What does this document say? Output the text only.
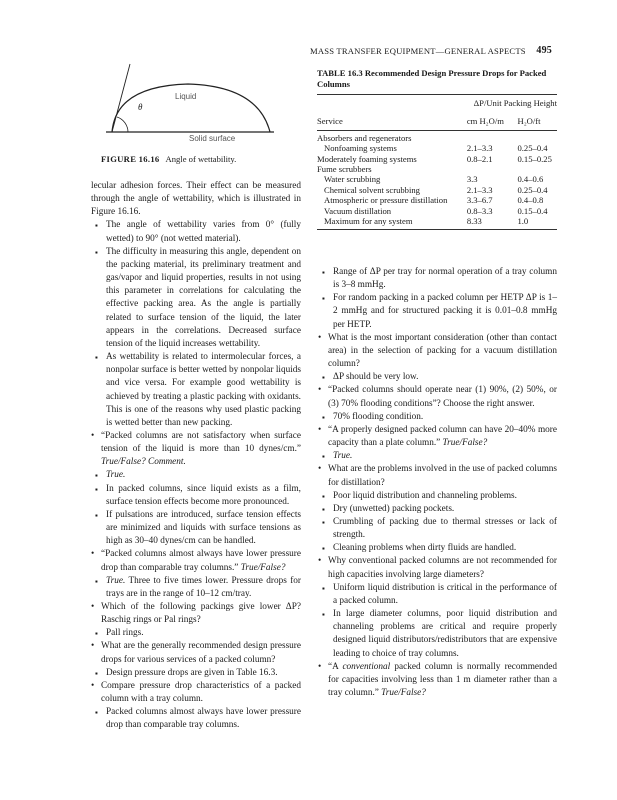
MASS TRANSFER EQUIPMENT—GENERAL ASPECTS 495
Liquid
θ
Solid surface
FIGURE 16.16 Angle of wettability.
TABLE 16.3 Recommended Design Pressure Drops for Packed Columns
	ΔP/Unit Packing Height	
Service	cm H₂O/m	H₂O/ft
Absorbers and regenerators		
Nonfoaming systems	2.1–3.3	0.25–0.4
Moderately foaming systems	0.8–2.1	0.15–0.25
Fume scrubbers		
Water scrubbing	3.3	0.4–0.6
Chemical solvent scrubbing	2.1–3.3	0.25–0.4
Atmospheric or pressure distillation	3.3–6.7	0.4–0.8
Vacuum distillation	0.8–3.3	0.15–0.4
Maximum for any system	8.33	1.0

lecular adhesion forces. Their effect can be measured through the angle of wettability, which is illustrated in Figure 16.16.

▪ The angle of wettability varies from 0° (fully wetted) to 90° (not wetted material).

▪ The difficulty in measuring this angle, dependent on the packing material, its preliminary treatment and gas/vapor and liquid properties, results in not using this parameter in correlations for calculating the effective packing area. As the angle is partially related to surface tension of the liquid, the later appears in the correlations. Decreased surface tension of the liquid increases wettability.

▪ As wettability is related to intermolecular forces, a nonpolar surface is better wetted by nonpolar liquids and vice versa. For example good wettability is achieved by treating a plastic packing with oxidants. This is one of the reasons why used plastic packing is wetted better than new packing.

• “Packed columns are not satisfactory when surface tension of the liquid is more than 10 dynes/cm.” True/False? Comment.

▪ True.

▪ In packed columns, since liquid exists as a film, surface tension effects become more pronounced.

▪ If pulsations are introduced, surface tension effects are minimized and liquids with surface tensions as high as 30–40 dynes/cm can be handled.

• “Packed columns almost always have lower pressure drop than comparable tray columns.” True/False?

▪ True. Three to five times lower. Pressure drops for trays are in the range of 10–12 cm/tray.

• Which of the following packings give lower ΔP? Raschig rings or Pal rings?

▪ Pall rings.

• What are the generally recommended design pressure drops for various services of a packed column?

▪ Design pressure drops are given in Table 16.3.

• Compare pressure drop characteristics of a packed column with a tray column.

▪ Packed columns almost always have lower pressure drop than comparable tray columns.

▪ Range of ΔP per tray for normal operation of a tray column is 3–8 mmHg.

▪ For random packing in a packed column per HETP ΔP is 1–2 mmHg and for structured packing it is 0.01–0.8 mmHg per HETP.

• What is the most important consideration (other than contact area) in the selection of packing for a vacuum distillation column?

▪ ΔP should be very low.

• “Packed columns should operate near (1) 90%, (2) 50%, or (3) 70% flooding conditions”? Choose the right answer.

▪ 70% flooding condition.

• “A properly designed packed column can have 20–40% more capacity than a plate column.” True/False?

▪ True.

• What are the problems involved in the use of packed columns for distillation?

▪ Poor liquid distribution and channeling problems.

▪ Dry (unwetted) packing pockets.

▪ Crumbling of packing due to thermal stresses or lack of strength.

▪ Cleaning problems when dirty fluids are handled.

• Why conventional packed columns are not recommended for high capacities involving large diameters?

▪ Uniform liquid distribution is critical in the performance of a packed column.

▪ In large diameter columns, poor liquid distribution and channeling problems are critical and require properly designed liquid distributors/redistributors that are expensive leading to choice of tray columns.

• “A conventional packed column is normally recommended for capacities involving less than 1 m diameter rather than a tray column.” True/False?
